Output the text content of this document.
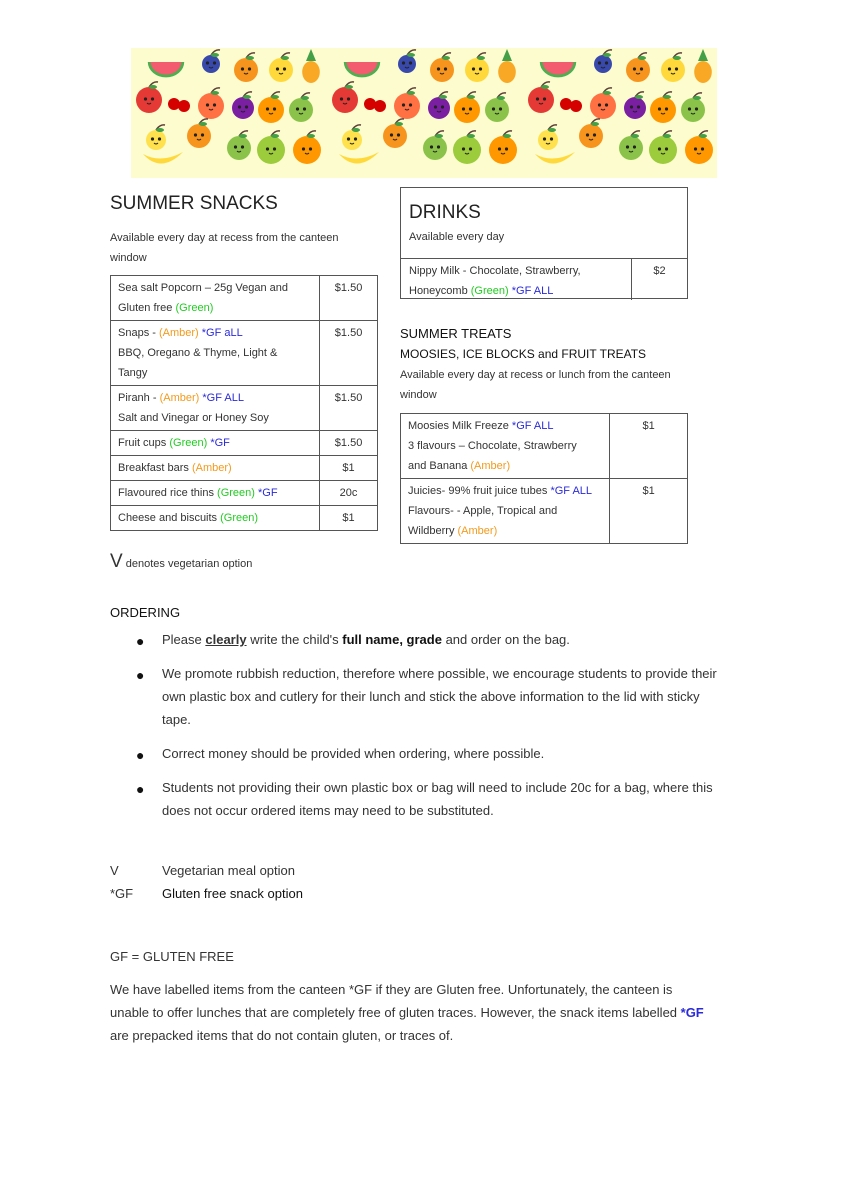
SUMMER SNACKS
Available every day at recess from the canteen
window
Sea salt Popcorn – 25g Vegan and
Gluten free (Green)	$1.50

Snaps - (Amber) *GF aLL
BBQ, Oregano & Thyme, Light &
Tangy	$1.50

Piranh - (Amber) *GF ALL
Salt and Vinegar or Honey Soy	$1.50

Fruit cups (Green) *GF	$1.50

Breakfast bars (Amber)	$1

Flavoured rice thins (Green) *GF	20c

Cheese and biscuits (Green)	$1
DRINKS
Available every day
Nippy Milk - Chocolate, Strawberry,
Honeycomb (Green) *GF ALL
$2
SUMMER TREATS
MOOSIES, ICE BLOCKS and FRUIT TREATS
Available every day at recess or lunch from the canteen
window
Moosies Milk Freeze *GF ALL
3 flavours – Chocolate, Strawberry
and Banana (Amber)	$1

Juicies- 99% fruit juice tubes *GF ALL
Flavours- - Apple, Tropical and
Wildberry (Amber)	$1
V denotes vegetarian option
ORDERING
● Please clearly write the child's full name, grade and order on the bag.
● We promote rubbish reduction, therefore where possible, we encourage students to provide their own plastic box and cutlery for their lunch and stick the above information to the lid with sticky tape.
● Correct money should be provided when ordering, where possible.
● Students not providing their own plastic box or bag will need to include 20c for a bag, where this does not occur ordered items may need to be substituted.
V	Vegetarian meal option
*GF Gluten free snack option
GF = GLUTEN FREE
We have labelled items from the canteen *GF if they are Gluten free. Unfortunately, the canteen is unable to offer lunches that are completely free of gluten traces. However, the snack items labelled *GF are prepacked items that do not contain gluten, or traces of.
